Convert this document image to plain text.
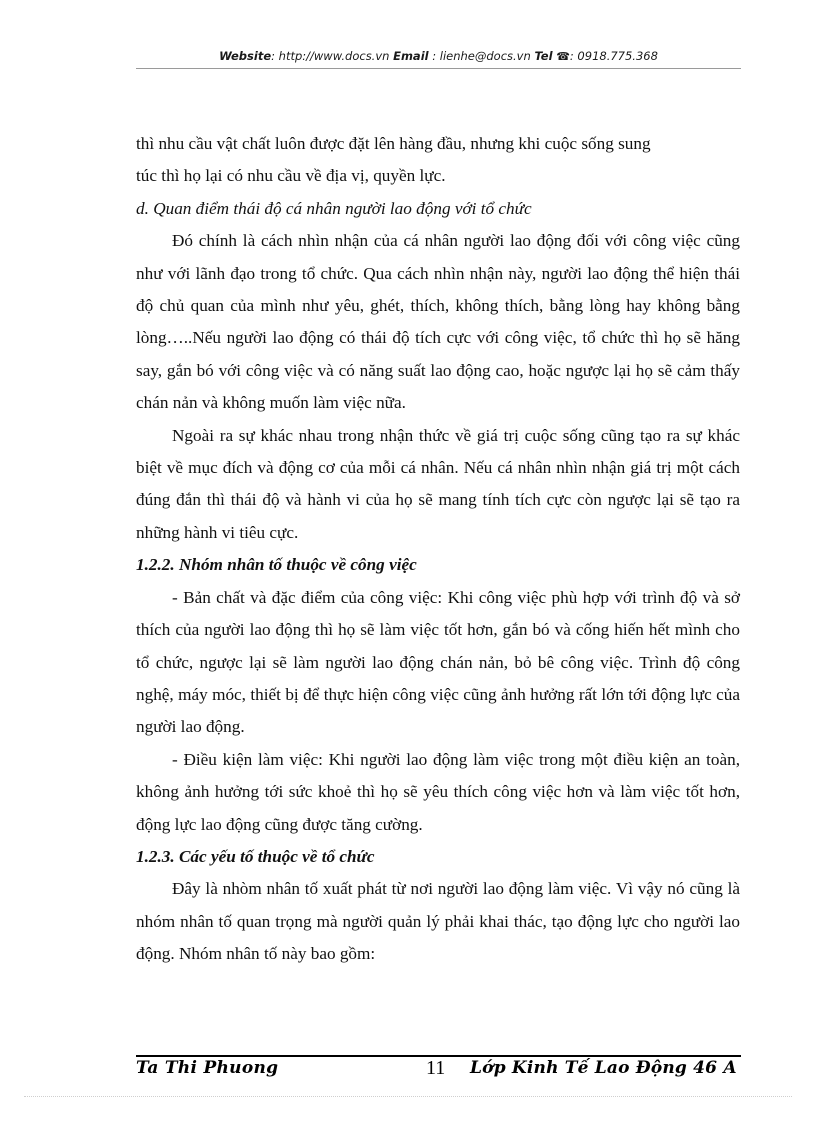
Website: http://www.docs.vn Email : lienhe@docs.vn Tel ☎: 0918.775.368

thì nhu cầu vật chất luôn được đặt lên hàng đầu, nhưng khi cuộc sống sung

túc thì họ lại có nhu cầu về địa vị, quyền lực.

d. Quan điểm thái độ cá nhân người lao động với tổ chức

Đó chính là cách nhìn nhận của cá nhân người lao động đối với công việc cũng như với lãnh đạo trong tổ chức. Qua cách nhìn nhận này, người lao động thể hiện thái độ chủ quan của mình như yêu, ghét, thích, không thích, bằng lòng hay không bằng lòng…..Nếu người lao động có thái độ tích cực với công việc, tổ chức thì họ sẽ hăng say, gắn bó với công việc và có năng suất lao động cao, hoặc ngược lại họ sẽ cảm thấy chán nản và không muốn làm việc nữa.

Ngoài ra sự khác nhau trong nhận thức về giá trị cuộc sống cũng tạo ra sự khác biệt về mục đích và động cơ của mỗi cá nhân. Nếu cá nhân nhìn nhận giá trị một cách đúng đắn thì thái độ và hành vi của họ sẽ mang tính tích cực còn ngược lại sẽ tạo ra những hành vi tiêu cực.

1.2.2. Nhóm nhân tố thuộc về công việc

- Bản chất và đặc điểm của công việc: Khi công việc phù hợp với trình độ và sở thích của người lao động thì họ sẽ làm việc tốt hơn, gắn bó và cống hiến hết mình cho tổ chức, ngược lại sẽ làm người lao động chán nản, bỏ bê công việc. Trình độ công nghệ, máy móc, thiết bị để thực hiện công việc cũng ảnh hưởng rất lớn tới động lực của người lao động.

- Điều kiện làm việc: Khi người lao động làm việc trong một điều kiện an toàn, không ảnh hưởng tới sức khoẻ thì họ sẽ yêu thích công việc hơn và làm việc tốt hơn, động lực lao động cũng được tăng cường.

1.2.3. Các yếu tố thuộc về tổ chức

Đây là nhòm nhân tố xuất phát từ nơi người lao động làm việc. Vì vậy nó cũng là nhóm nhân tố quan trọng mà người quản lý phải khai thác, tạo động lực cho người lao động. Nhóm nhân tố này bao gồm:

Ta Thi Phuong	11 Lớp Kinh Tế Lao Động 46 A
